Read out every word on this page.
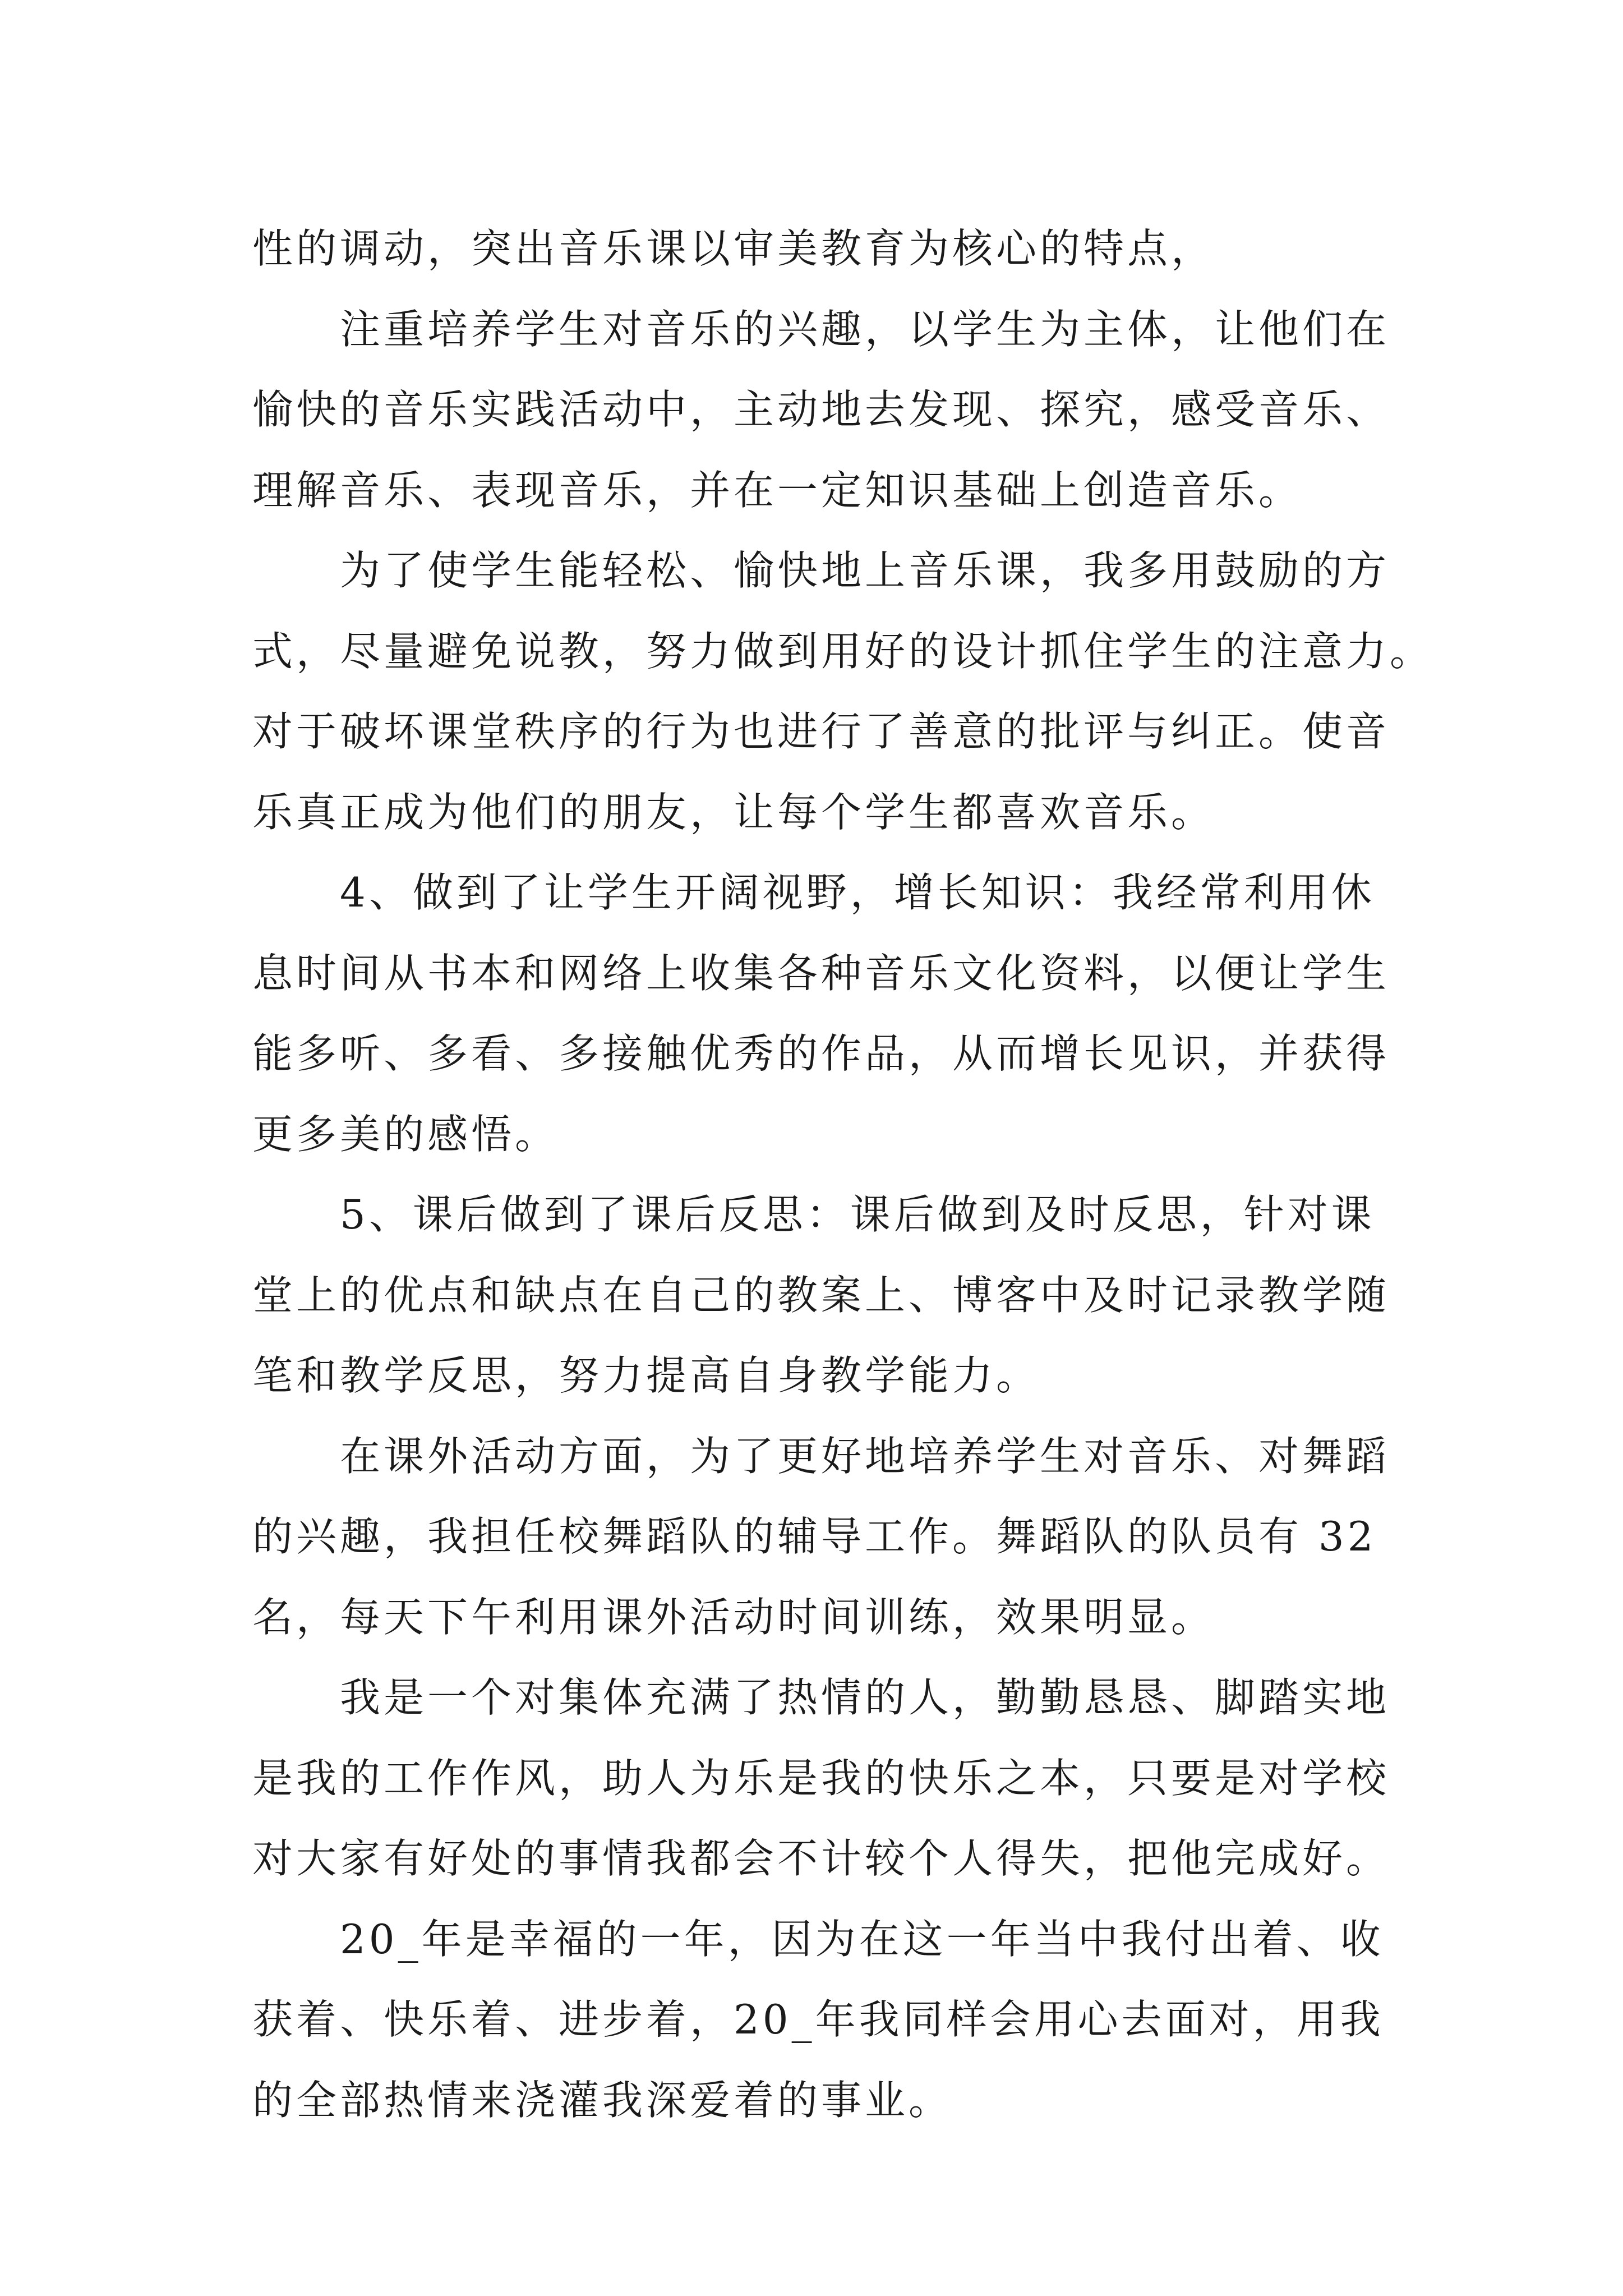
性的调动，突出音乐课以审美教育为核心的特点，

注重培养学生对音乐的兴趣，以学生为主体，让他们在
愉快的音乐实践活动中，主动地去发现、探究，感受音乐、
理解音乐、表现音乐，并在一定知识基础上创造音乐。

为了使学生能轻松、愉快地上音乐课，我多用鼓励的方
式，尽量避免说教，努力做到用好的设计抓住学生的注意力。
对于破坏课堂秩序的行为也进行了善意的批评与纠正。使音
乐真正成为他们的朋友，让每个学生都喜欢音乐。

4、做到了让学生开阔视野，增长知识：我经常利用休
息时间从书本和网络上收集各种音乐文化资料，以便让学生
能多听、多看、多接触优秀的作品，从而增长见识，并获得
更多美的感悟。

5、课后做到了课后反思：课后做到及时反思，针对课
堂上的优点和缺点在自己的教案上、博客中及时记录教学随
笔和教学反思，努力提高自身教学能力。

在课外活动方面，为了更好地培养学生对音乐、对舞蹈
的兴趣，我担任校舞蹈队的辅导工作。舞蹈队的队员有 32
名，每天下午利用课外活动时间训练，效果明显。

我是一个对集体充满了热情的人，勤勤恳恳、脚踏实地
是我的工作作风，助人为乐是我的快乐之本，只要是对学校
对大家有好处的事情我都会不计较个人得失，把他完成好。

20_年是幸福的一年，因为在这一年当中我付出着、收
获着、快乐着、进步着，20_年我同样会用心去面对，用我
的全部热情来浇灌我深爱着的事业。
